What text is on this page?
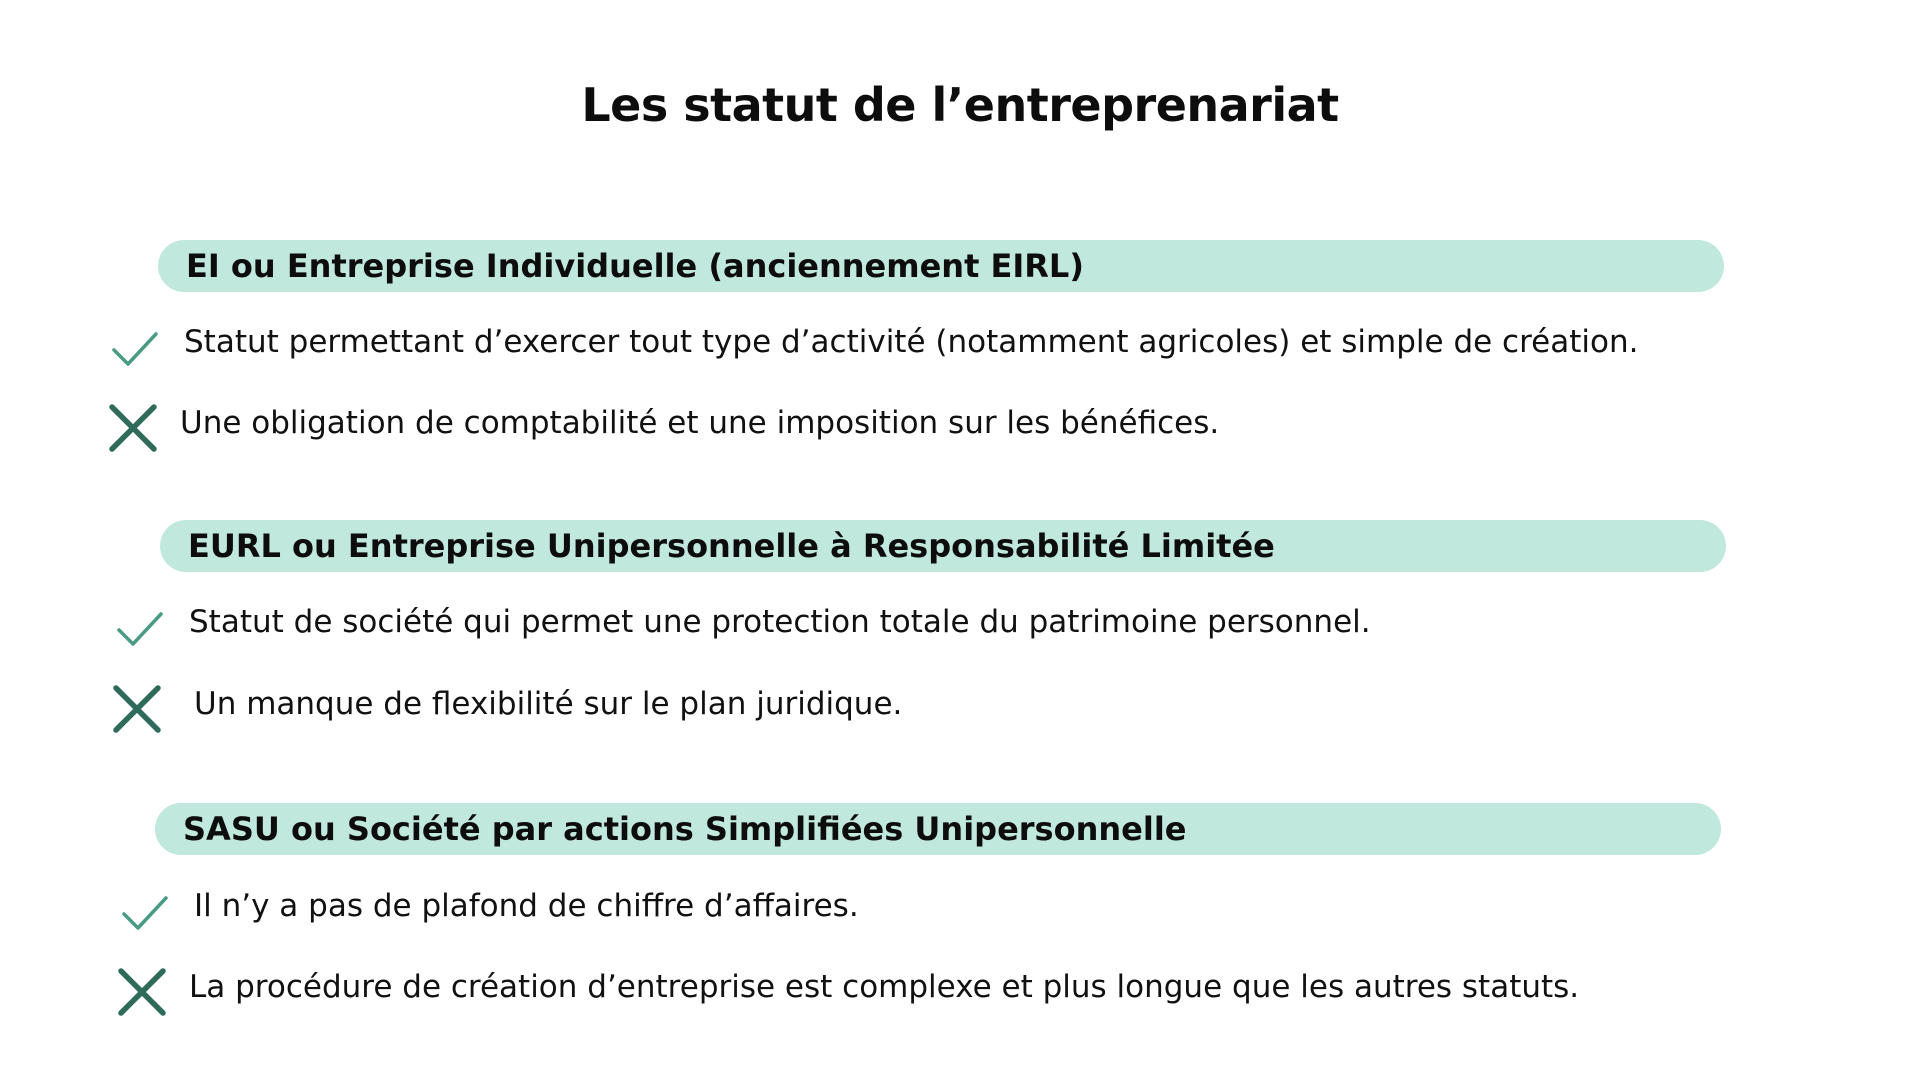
Les statut de l’entreprenariat
EI ou Entreprise Individuelle (anciennement EIRL)
Statut permettant d’exercer tout type d’activité (notamment agricoles) et simple de création.
Une obligation de comptabilité et une imposition sur les bénéfices.
EURL ou Entreprise Unipersonnelle à Responsabilité Limitée
Statut de société qui permet une protection totale du patrimoine personnel.
Un manque de flexibilité sur le plan juridique.
SASU ou Société par actions Simplifiées Unipersonnelle
Il n’y a pas de plafond de chiffre d’affaires.
La procédure de création d’entreprise est complexe et plus longue que les autres statuts.
